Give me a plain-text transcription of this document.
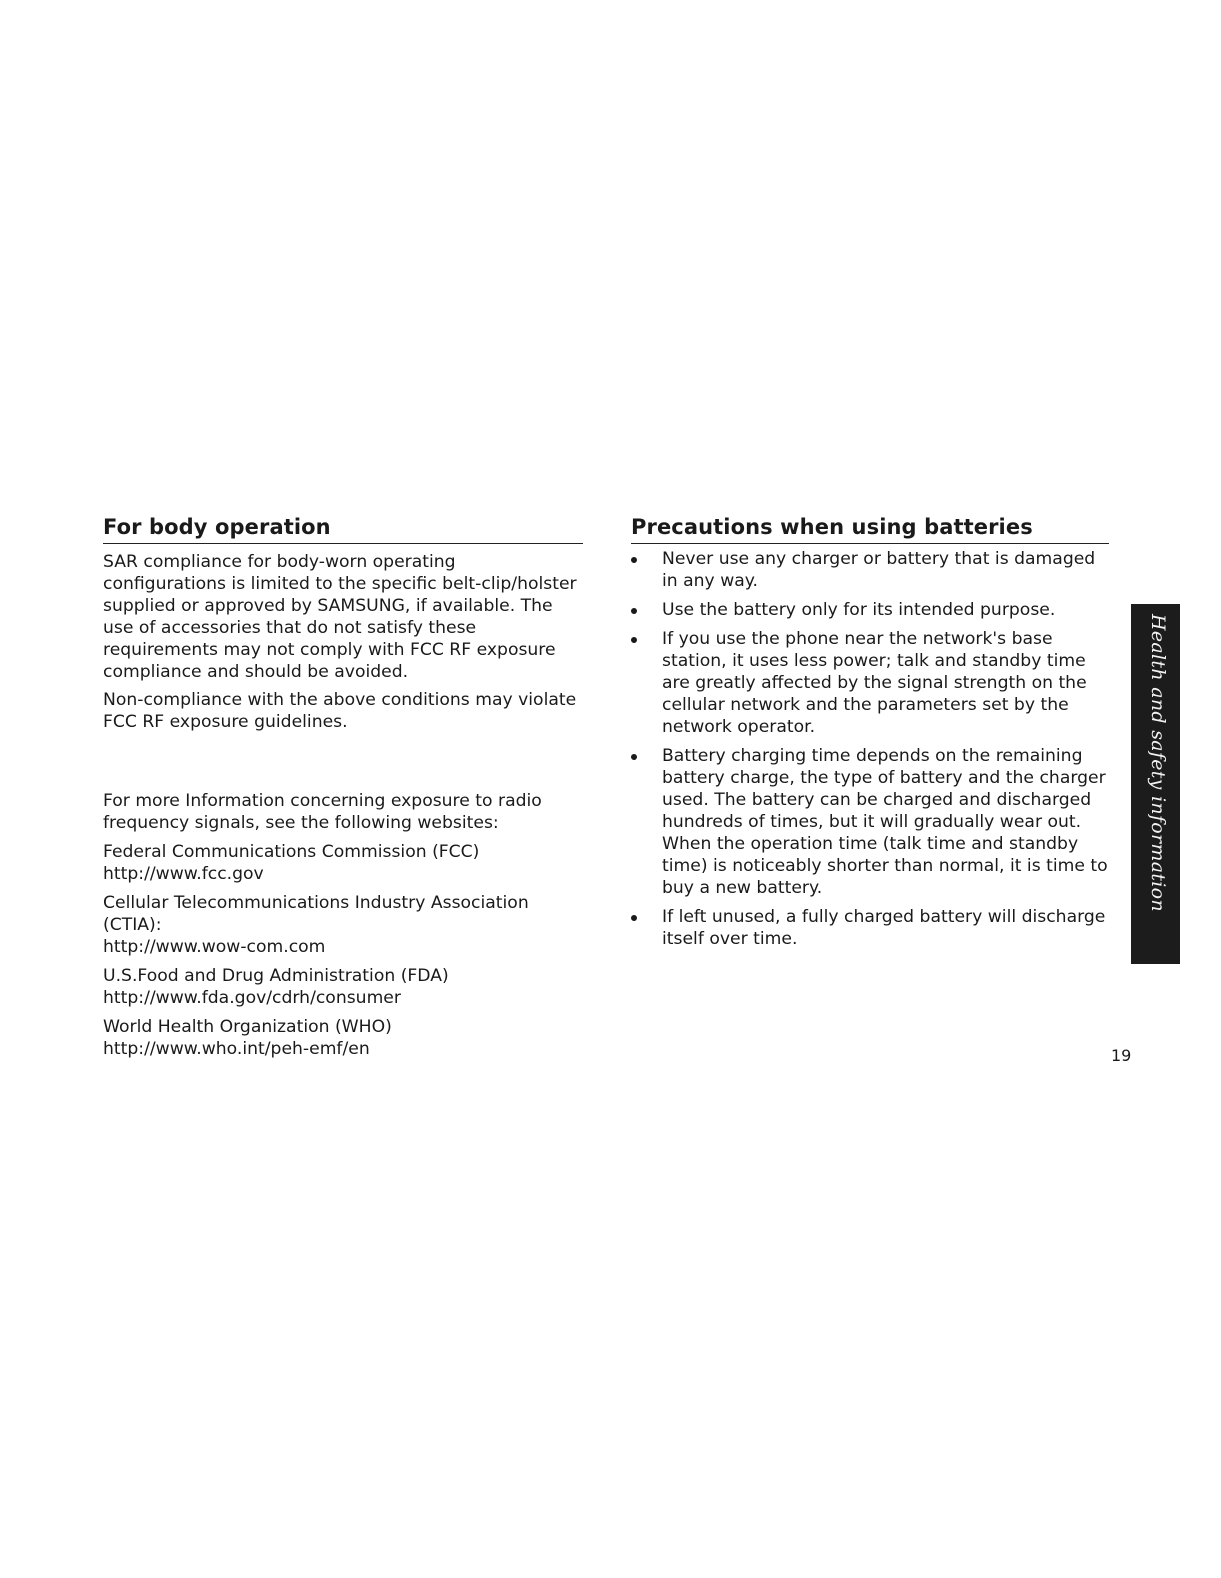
For body operation

SAR compliance for body-worn operating configurations is limited to the specific belt-clip/holster supplied or approved by SAMSUNG, if available. The use of accessories that do not satisfy these requirements may not comply with FCC RF exposure compliance and should be avoided.

Non-compliance with the above conditions may violate FCC RF exposure guidelines.

For more Information concerning exposure to radio frequency signals, see the following websites:

Federal Communications Commission (FCC)
http://www.fcc.gov
Cellular Telecommunications Industry Association (CTIA):
http://www.wow-com.com
U.S.Food and Drug Administration (FDA)
http://www.fda.gov/cdrh/consumer
World Health Organization (WHO)
http://www.who.int/peh-emf/en
Precautions when using batteries
Never use any charger or battery that is damaged in any way.
Use the battery only for its intended purpose.
If you use the phone near the network's base station, it uses less power; talk and standby time are greatly affected by the signal strength on the cellular network and the parameters set by the network operator.
Battery charging time depends on the remaining battery charge, the type of battery and the charger used. The battery can be charged and discharged hundreds of times, but it will gradually wear out. When the operation time (talk time and standby time) is noticeably shorter than normal, it is time to buy a new battery.
If left unused, a fully charged battery will discharge itself over time.
Health and safety information
19
